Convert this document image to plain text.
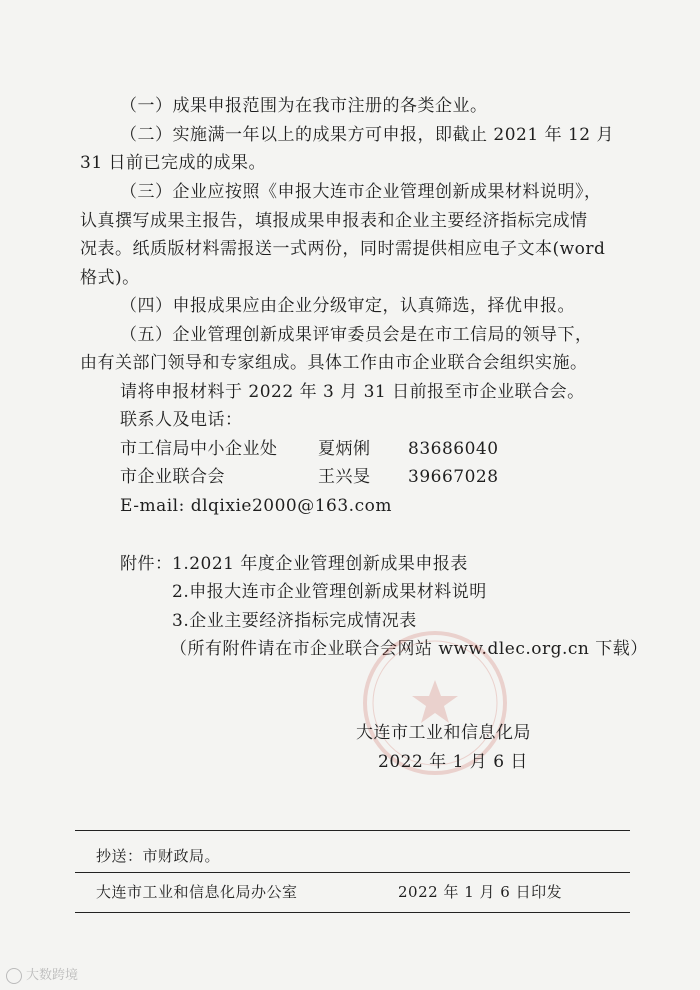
（一）成果申报范围为在我市注册的各类企业。
（二）实施满一年以上的成果方可申报，即截止 2021 年 12 月
31 日前已完成的成果。
（三）企业应按照《申报大连市企业管理创新成果材料说明》，
认真撰写成果主报告，填报成果申报表和企业主要经济指标完成情
况表。纸质版材料需报送一式两份，同时需提供相应电子文本(word
格式)。
（四）申报成果应由企业分级审定，认真筛选，择优申报。
（五）企业管理创新成果评审委员会是在市工信局的领导下，
由有关部门领导和专家组成。具体工作由市企业联合会组织实施。
请将申报材料于 2022 年 3 月 31 日前报至市企业联合会。
联系人及电话：
市工信局中小企业处 夏炳俐 83686040
市企业联合会	王兴旻 39667028
E-mail: dlqixie2000@163.com
附件： 1.2021 年度企业管理创新成果申报表
2.申报大连市企业管理创新成果材料说明
3.企业主要经济指标完成情况表
（所有附件请在市企业联合会网站 www.dlec.org.cn 下载）
大连市工业和信息化局
2022 年 1 月 6 日
抄送：市财政局。
大连市工业和信息化局办公室	2022 年 1 月 6 日印发
大数跨境
